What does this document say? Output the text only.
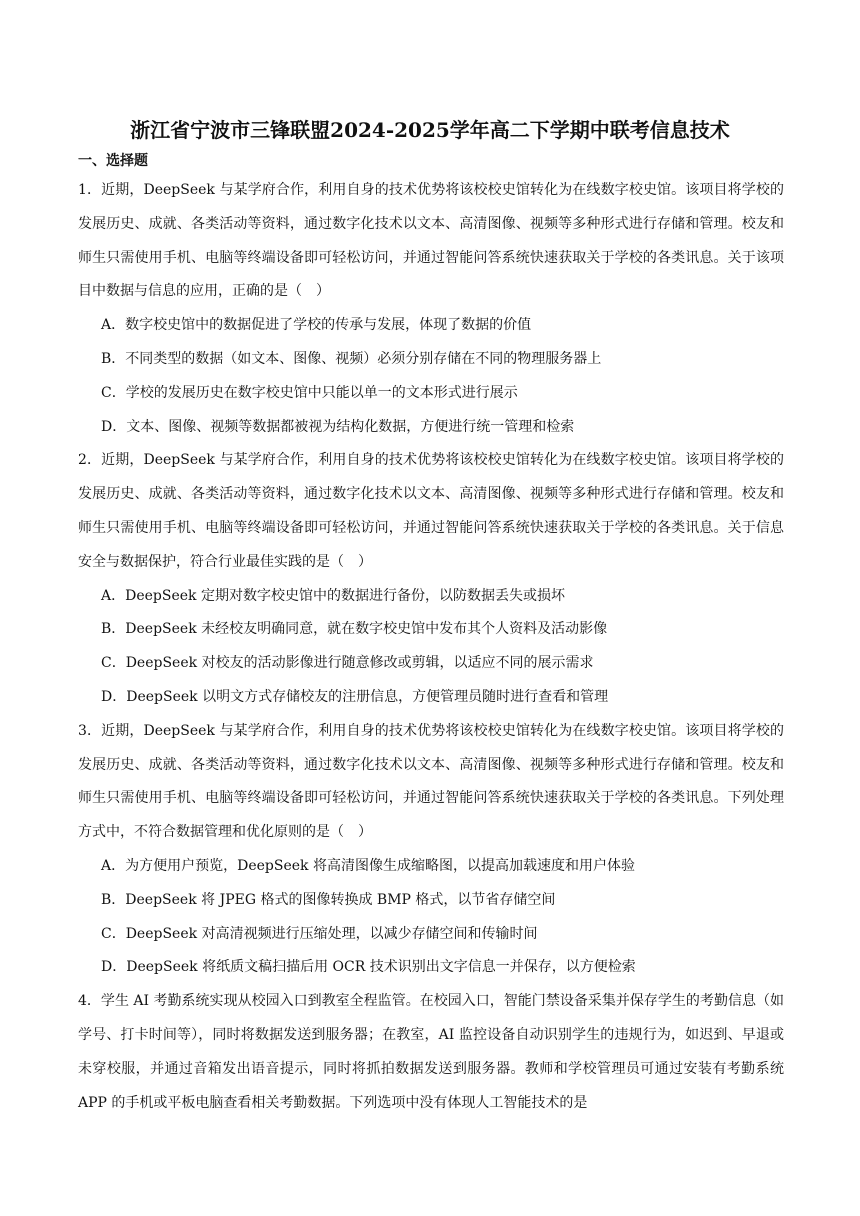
浙江省宁波市三锋联盟2024-2025学年高二下学期中联考信息技术
一、选择题

1．近期，DeepSeek 与某学府合作，利用自身的技术优势将该校校史馆转化为在线数字校史馆。该项目将学校的发展历史、成就、各类活动等资料，通过数字化技术以文本、高清图像、视频等多种形式进行存储和管理。校友和师生只需使用手机、电脑等终端设备即可轻松访问，并通过智能问答系统快速获取关于学校的各类讯息。关于该项目中数据与信息的应用，正确的是（　）

A．数字校史馆中的数据促进了学校的传承与发展，体现了数据的价值
B．不同类型的数据（如文本、图像、视频）必须分别存储在不同的物理服务器上
C．学校的发展历史在数字校史馆中只能以单一的文本形式进行展示
D．文本、图像、视频等数据都被视为结构化数据，方便进行统一管理和检索

2．近期，DeepSeek 与某学府合作，利用自身的技术优势将该校校史馆转化为在线数字校史馆。该项目将学校的发展历史、成就、各类活动等资料，通过数字化技术以文本、高清图像、视频等多种形式进行存储和管理。校友和师生只需使用手机、电脑等终端设备即可轻松访问，并通过智能问答系统快速获取关于学校的各类讯息。关于信息安全与数据保护，符合行业最佳实践的是（　）

A．DeepSeek 定期对数字校史馆中的数据进行备份，以防数据丢失或损坏
B．DeepSeek 未经校友明确同意，就在数字校史馆中发布其个人资料及活动影像
C．DeepSeek 对校友的活动影像进行随意修改或剪辑，以适应不同的展示需求
D．DeepSeek 以明文方式存储校友的注册信息，方便管理员随时进行查看和管理

3．近期，DeepSeek 与某学府合作，利用自身的技术优势将该校校史馆转化为在线数字校史馆。该项目将学校的发展历史、成就、各类活动等资料，通过数字化技术以文本、高清图像、视频等多种形式进行存储和管理。校友和师生只需使用手机、电脑等终端设备即可轻松访问，并通过智能问答系统快速获取关于学校的各类讯息。下列处理方式中，不符合数据管理和优化原则的是（　）

A．为方便用户预览，DeepSeek 将高清图像生成缩略图，以提高加载速度和用户体验
B．DeepSeek 将 JPEG 格式的图像转换成 BMP 格式，以节省存储空间
C．DeepSeek 对高清视频进行压缩处理，以减少存储空间和传输时间
D．DeepSeek 将纸质文稿扫描后用 OCR 技术识别出文字信息一并保存，以方便检索

4．学生 AI 考勤系统实现从校园入口到教室全程监管。在校园入口，智能门禁设备采集并保存学生的考勤信息（如学号、打卡时间等），同时将数据发送到服务器；在教室，AI 监控设备自动识别学生的违规行为，如迟到、早退或未穿校服，并通过音箱发出语音提示，同时将抓拍数据发送到服务器。教师和学校管理员可通过安装有考勤系统 APP 的手机或平板电脑查看相关考勤数据。下列选项中没有体现人工智能技术的是
